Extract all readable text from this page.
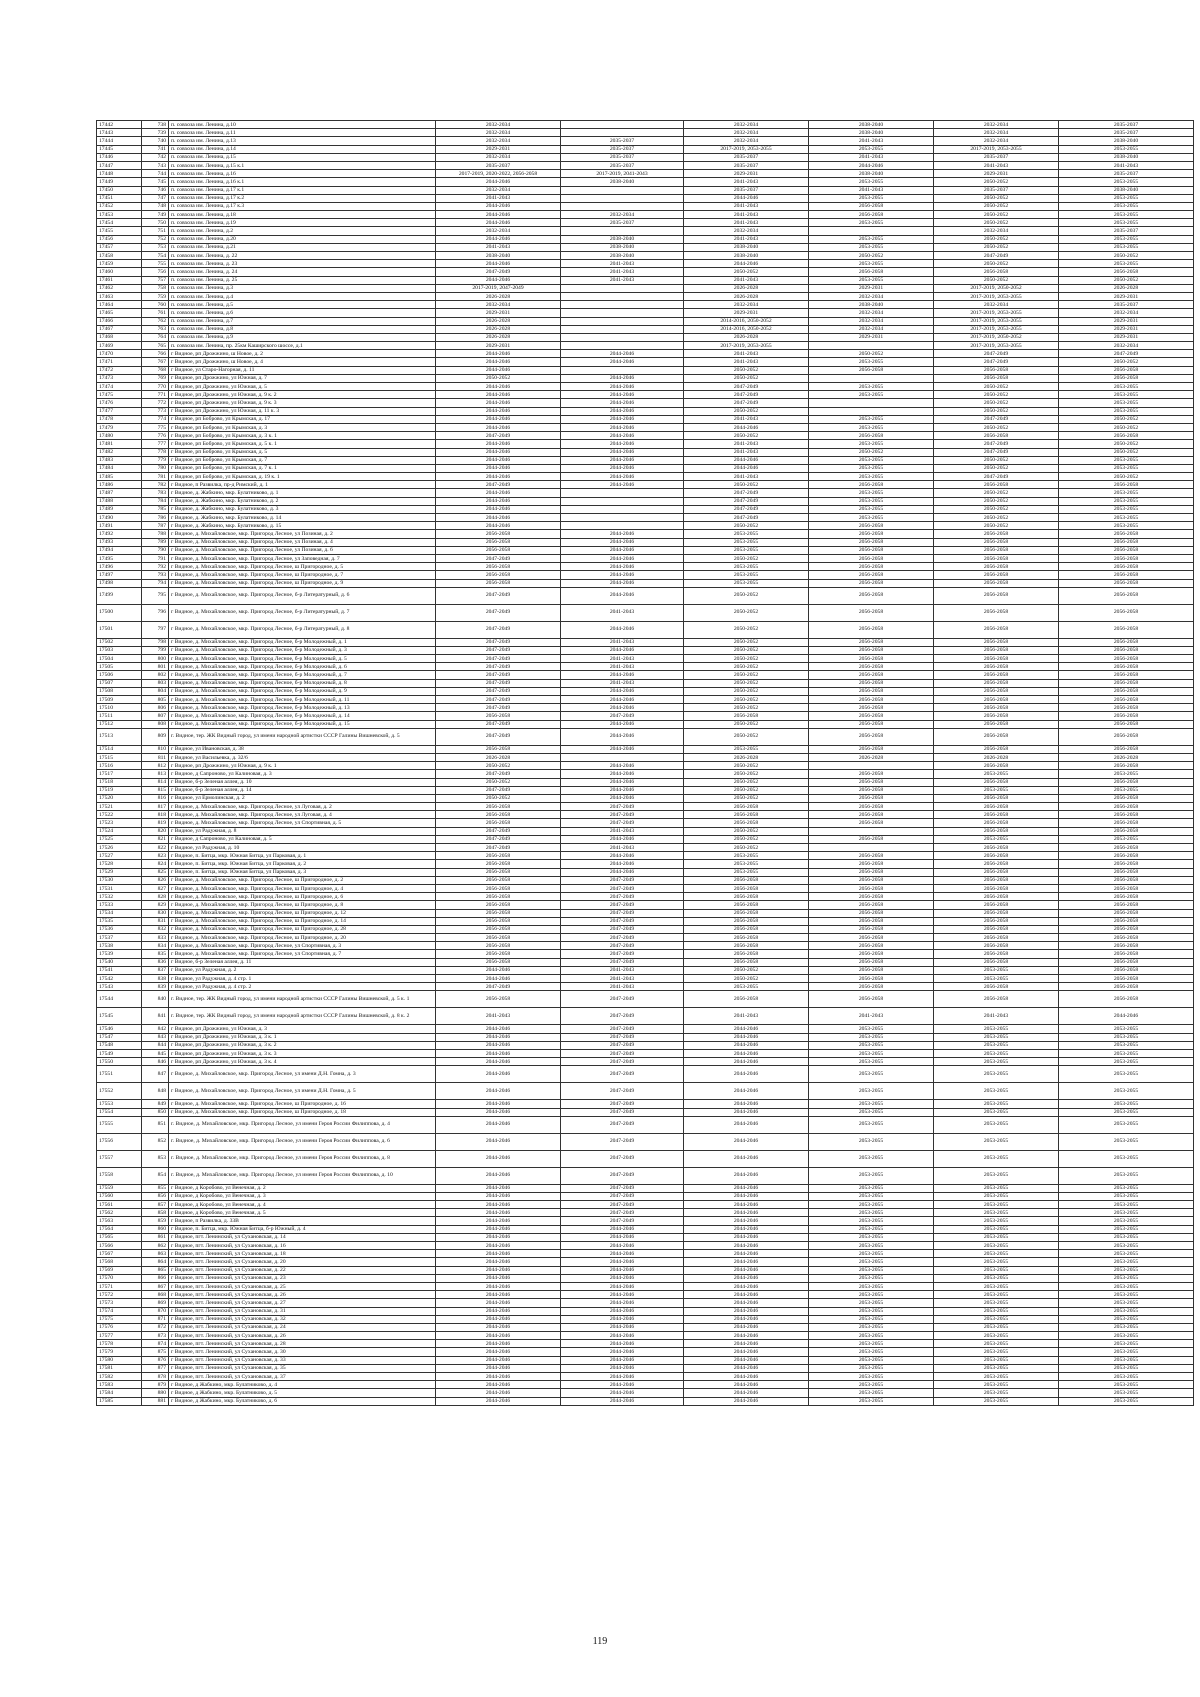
17442	738	п. совхоза им. Ленина, д.10	2032-2034		2032-2034	2038-2040	2032-2034	2035-2037
17443	739	п. совхоза им. Ленина, д.11	2032-2034		2032-2034	2038-2040	2032-2034	2035-2037
17444	740	п. совхоза им. Ленина, д.13	2032-2034	2035-2037	2032-2034	2041-2043	2032-2034	2038-2040
17445	741	п. совхоза им. Ленина, д.14	2029-2031	2035-2037	2017-2019, 2053-2055	2053-2055	2017-2019, 2053-2055	2053-2055
17446	742	п. совхоза им. Ленина, д.15	2032-2034	2035-2037	2035-2037	2041-2043	2035-2037	2038-2040
17447	743	п. совхоза им. Ленина, д.15 к.1	2035-2037	2035-2037	2035-2037	2044-2046	2041-2043	2041-2043
17448	744	п. совхоза им. Ленина, д.16	2017-2019, 2020-2022, 2056-2058	2017-2019, 2041-2043	2029-2031	2038-2040	2029-2031	2035-2037
17449	745	п. совхоза им. Ленина, д.16 к.1	2044-2046	2038-2040	2041-2043	2053-2055	2050-2052	2053-2055
17450	746	п. совхоза им. Ленина, д.17 к.1	2032-2034		2035-2037	2041-2043	2035-2037	2038-2040
17451	747	п. совхоза им. Ленина, д.17 к.2	2041-2043		2044-2046	2053-2055	2050-2052	2053-2055
17452	748	п. совхоза им. Ленина, д.17 к.3	2044-2046		2041-2043	2056-2058	2050-2052	2053-2055
17453	749	п. совхоза им. Ленина, д.18	2044-2046	2032-2034	2041-2043	2056-2058	2050-2052	2053-2055
17454	750	п. совхоза им. Ленина, д.19	2044-2046	2035-2037	2041-2043	2053-2055	2050-2052	2053-2055
17455	751	п. совхоза им. Ленина, д.2	2032-2034		2032-2034		2032-2034	2035-2037
17456	752	п. совхоза им. Ленина, д.20	2044-2046	2038-2040	2041-2043	2053-2055	2050-2052	2053-2055
17457	753	п. совхоза им. Ленина, д.21	2041-2043	2038-2040	2038-2040	2053-2055	2050-2052	2053-2055
17458	754	п. совхоза им. Ленина, д. 22	2038-2040	2038-2040	2038-2040	2050-2052	2047-2049	2050-2052
17459	755	п. совхоза им. Ленина, д. 23	2044-2046	2041-2043	2044-2046	2053-2055	2050-2052	2053-2055
17460	756	п. совхоза им. Ленина, д. 24	2047-2049	2041-2043	2050-2052	2056-2058	2056-2058	2056-2058
17461	757	п. совхоза им. Ленина, д. 25	2044-2046	2041-2043	2041-2043	2053-2055	2050-2052	2050-2052
17462	758	п. совхоза им. Ленина, д.3	2017-2019, 2047-2049		2026-2028	2029-2031	2017-2019, 2050-2052	2026-2028
17463	759	п. совхоза им. Ленина, д.4	2026-2028		2026-2028	2032-2034	2017-2019, 2053-2055	2029-2031
17464	760	п. совхоза им. Ленина, д.5	2032-2034		2032-2034	2038-2040	2032-2034	2035-2037
17465	761	п. совхоза им. Ленина, д.6	2029-2031		2029-2031	2032-2034	2017-2019, 2053-2055	2032-2034
17466	762	п. совхоза им. Ленина, д.7	2026-2028		2014-2016, 2050-2052	2032-2034	2017-2019, 2053-2055	2029-2031
17467	763	п. совхоза им. Ленина, д.8	2026-2028		2014-2016, 2050-2052	2032-2034	2017-2019, 2053-2055	2029-2031
17468	764	п. совхоза им. Ленина, д.9	2026-2028		2026-2028	2029-2031	2017-2019, 2050-2052	2029-2031
17469	765	п. совхоза им. Ленина, пр. 25км Каширского шоссе, д.1	2029-2031		2017-2019, 2053-2055		2017-2019, 2053-2055	2032-2034
17470	766	г Видное, рп Дрожжино, ш Новое, д. 2	2044-2046	2044-2046	2041-2043	2050-2052	2047-2049	2047-2049
17471	767	г Видное, рп Дрожжино, ш Новое, д. 4	2044-2046	2044-2046	2041-2043	2053-2055	2047-2049	2050-2052
17472	768	г Видное, ул Старо-Нагорная, д. 11	2044-2046		2050-2052	2056-2058	2056-2058	2056-2058
17473	769	г Видное, рп Дрожжино, ул Южная, д. 7	2050-2052	2044-2046	2050-2052		2056-2058	2056-2058
17474	770	г Видное, рп Дрожжино, ул Южная, д. 5	2044-2046	2044-2046	2047-2049	2053-2055	2050-2052	2053-2055
17475	771	г Видное, рп Дрожжино, ул Южная, д. 9 к. 2	2044-2046	2044-2046	2047-2049	2053-2055	2050-2052	2053-2055
17476	772	г Видное, рп Дрожжино, ул Южная, д. 9 к. 3	2044-2046	2044-2046	2047-2049		2050-2052	2053-2055
17477	773	г Видное, рп Дрожжино, ул Южная, д. 11 к. 3	2044-2046	2044-2046	2050-2052		2050-2052	2053-2055
17478	774	г Видное, рп Боброво, ул Крымская, д. 17	2044-2046	2044-2046	2041-2043	2053-2055	2047-2049	2050-2052
17479	775	г Видное, рп Боброво, ул Крымская, д. 3	2044-2046	2044-2046	2044-2046	2053-2055	2050-2052	2050-2052
17480	776	г Видное, рп Боброво, ул Крымская, д. 3 к. 1	2047-2049	2044-2046	2050-2052	2056-2058	2056-2058	2056-2058
17481	777	г Видное, рп Боброво, ул Крымская, д. 5 к. 1	2044-2046	2044-2046	2041-2043	2053-2055	2047-2049	2050-2052
17482	778	г Видное, рп Боброво, ул Крымская, д. 5	2044-2046	2044-2046	2041-2043	2050-2052	2047-2049	2050-2052
17483	779	г Видное, рп Боброво, ул Крымская, д. 7	2044-2046	2044-2046	2044-2046	2053-2055	2050-2052	2053-2055
17484	780	г Видное, рп Боброво, ул Крымская, д. 7 к. 1	2044-2046	2044-2046	2044-2046	2053-2055	2050-2052	2053-2055
17485	781	г Видное, рп Боброво, ул Крымская, д. 19 к. 1	2044-2046	2044-2046	2041-2043	2053-2055	2047-2049	2050-2052
17486	782	г Видное, п Развилка, пр-д Римский, д. 1	2047-2049	2044-2046	2050-2052	2056-2058	2056-2058	2056-2058
17487	783	г Видное, д. Жабкино, мкр. Булатниково, д. 1	2044-2046		2047-2049	2053-2055	2050-2052	2053-2055
17488	784	г Видное, д. Жабкино, мкр. Булатниково, д. 2	2044-2046		2047-2049	2053-2055	2050-2052	2053-2055
17489	785	г Видное, д. Жабкино, мкр. Булатниково, д. 3	2044-2046		2047-2049	2053-2055	2050-2052	2053-2055
17490	786	г Видное, д. Жабкино, мкр. Булатниково, д. 14	2044-2046		2047-2049	2053-2055	2050-2052	2053-2055
17491	787	г Видное, д. Жабкино, мкр. Булатниково, д. 15	2044-2046		2050-2052	2056-2058	2050-2052	2053-2055
17492	788	г Видное, д. Михайловское, мкр. Пригород Лесное, ул Позиная, д. 2	2056-2058	2044-2046	2053-2055	2056-2058	2056-2058	2056-2058
17493	789	г Видное, д. Михайловское, мкр. Пригород Лесное, ул Позиная, д. 4	2056-2058	2044-2046	2053-2055	2056-2058	2056-2058	2056-2058
17494	790	г Видное, д. Михайловское, мкр. Пригород Лесное, ул Позиная, д. 6	2056-2058	2044-2046	2053-2055	2056-2058	2056-2058	2056-2058
17495	791	г Видное, д. Михайловское, мкр. Пригород Лесное, ул Заповедная, д. 7	2047-2049	2044-2046	2050-2052	2056-2058	2056-2058	2056-2058
17496	792	г Видное, д. Михайловское, мкр. Пригород Лесное, ш Пригородное, д. 5	2056-2058	2044-2046	2053-2055	2056-2058	2056-2058	2056-2058
17497	793	г Видное, д. Михайловское, мкр. Пригород Лесное, ш Пригородное, д. 7	2056-2058	2044-2046	2053-2055	2056-2058	2056-2058	2056-2058
17498	794	г Видное, д. Михайловское, мкр. Пригород Лесное, ш Пригородное, д. 9	2056-2058	2044-2046	2053-2055	2056-2058	2056-2058	2056-2058
17499	795	г Видное, д. Михайловское, мкр. Пригород Лесное, б-р Литературный, д. 6	2047-2049	2044-2046	2050-2052	2056-2058	2056-2058	2056-2058
17500	796	г Видное, д. Михайловское, мкр. Пригород Лесное, б-р Литературный, д. 7	2047-2049	2041-2043	2050-2052	2056-2058	2056-2058	2056-2058
17501	797	г Видное, д. Михайловское, мкр. Пригород Лесное, б-р Литературный, д. 8	2047-2049	2044-2046	2050-2052	2056-2058	2056-2058	2056-2058
17502	798	г Видное, д. Михайловское, мкр. Пригород Лесное, б-р Молодежный, д. 1	2047-2049	2041-2043	2050-2052	2056-2058	2056-2058	2056-2058
17503	799	г Видное, д. Михайловское, мкр. Пригород Лесное, б-р Молодежный, д. 3	2047-2049	2044-2046	2050-2052	2056-2058	2056-2058	2056-2058
17504	800	г Видное, д. Михайловское, мкр. Пригород Лесное, б-р Молодежный, д. 5	2047-2049	2041-2043	2050-2052	2056-2058	2056-2058	2056-2058
17505	801	г Видное, д. Михайловское, мкр. Пригород Лесное, б-р Молодежный, д. 6	2047-2049	2041-2043	2050-2052	2056-2058	2056-2058	2056-2058
17506	802	г Видное, д. Михайловское, мкр. Пригород Лесное, б-р Молодежный, д. 7	2047-2049	2044-2046	2050-2052	2056-2058	2056-2058	2056-2058
17507	803	г Видное, д. Михайловское, мкр. Пригород Лесное, б-р Молодежный, д. 8	2047-2049	2041-2043	2050-2052	2056-2058	2056-2058	2056-2058
17508	804	г Видное, д. Михайловское, мкр. Пригород Лесное, б-р Молодежный, д. 9	2047-2049	2044-2046	2050-2052	2056-2058	2056-2058	2056-2058
17509	805	г Видное, д. Михайловское, мкр. Пригород Лесное, б-р Молодежный, д. 11	2047-2049	2044-2046	2050-2052	2056-2058	2056-2058	2056-2058
17510	806	г Видное, д. Михайловское, мкр. Пригород Лесное, б-р Молодежный, д. 13	2047-2049	2044-2046	2050-2052	2056-2058	2056-2058	2056-2058
17511	807	г Видное, д. Михайловское, мкр. Пригород Лесное, б-р Молодежный, д. 14	2056-2058	2047-2049	2056-2058	2056-2058	2056-2058	2056-2058
17512	808	г Видное, д. Михайловское, мкр. Пригород Лесное, б-р Молодежный, д. 15	2047-2049	2044-2046	2050-2052	2056-2058	2056-2058	2056-2058
17513	809	г. Видное, тер. ЖК Видный город, ул имени народной артистки СССР Галины Вишневской, д. 5	2047-2049	2044-2046	2050-2052	2056-2058	2056-2058	2056-2058
17514	810	г Видное, ул Ивановская, д. 38	2056-2058	2044-2046	2053-2055	2056-2058	2056-2058	2056-2058
17515	811	г Видное, ул Васильевка, д. 32/6	2026-2028		2026-2028	2026-2028	2026-2028	2026-2028
17516	812	г Видное, рп Дрожжино, ул Южная, д. 9 к. 1	2050-2052	2044-2046	2050-2052		2056-2058	2056-2058
17517	813	г Видное, д Сапроново, ул Калиновая, д. 3	2047-2049	2044-2046	2050-2052	2056-2058	2053-2055	2053-2055
17518	814	г Видное, б-р Зеленая аллея, д. 10	2050-2052	2044-2046	2050-2052	2056-2058	2056-2058	2056-2058
17519	815	г Видное, б-р Зеленая аллея, д. 14	2047-2049	2044-2046	2050-2052	2056-2058	2053-2055	2053-2055
17520	816	г Видное, ул Ермолинская, д. 2	2050-2052	2044-2046	2050-2052	2056-2058	2056-2058	2056-2058
17521	817	г Видное, д. Михайловское, мкр. Пригород Лесное, ул Луговая, д. 2	2056-2058	2047-2049	2056-2058	2056-2058	2056-2058	2056-2058
17522	818	г Видное, д. Михайловское, мкр. Пригород Лесное, ул Луговая, д. 4	2056-2058	2047-2049	2056-2058	2056-2058	2056-2058	2056-2058
17523	819	г Видное, д. Михайловское, мкр. Пригород Лесное, ул Спортивная, д. 5	2056-2058	2047-2049	2056-2058	2056-2058	2056-2058	2056-2058
17524	820	г Видное, ул Радужная, д. 8	2047-2049	2041-2043	2050-2052		2056-2058	2056-2058
17525	821	г Видное, д Сапроново, ул Калиновая, д. 5	2047-2049	2044-2046	2050-2052	2056-2058	2053-2055	2053-2055
17526	822	г Видное, ул Радужная, д. 10	2047-2049	2041-2043	2050-2052		2056-2058	2056-2058
17527	823	г Видное, п. Битца, мкр. Южная Битца, ул Парковая, д. 1	2056-2058	2044-2046	2053-2055	2056-2058	2056-2058	2056-2058
17528	824	г Видное, п. Битца, мкр. Южная Битца, ул Парковая, д. 2	2056-2058	2044-2046	2053-2055	2056-2058	2056-2058	2056-2058
17529	825	г Видное, п. Битца, мкр. Южная Битца, ул Парковая, д. 3	2056-2058	2044-2046	2053-2055	2056-2058	2056-2058	2056-2058
17530	826	г Видное, д. Михайловское, мкр. Пригород Лесное, ш Пригородное, д. 2	2056-2058	2047-2049	2056-2058	2056-2058	2056-2058	2056-2058
17531	827	г Видное, д. Михайловское, мкр. Пригород Лесное, ш Пригородное, д. 4	2056-2058	2047-2049	2056-2058	2056-2058	2056-2058	2056-2058
17532	828	г Видное, д. Михайловское, мкр. Пригород Лесное, ш Пригородное, д. 6	2056-2058	2047-2049	2056-2058	2056-2058	2056-2058	2056-2058
17533	829	г Видное, д. Михайловское, мкр. Пригород Лесное, ш Пригородное, д. 8	2056-2058	2047-2049	2056-2058	2056-2058	2056-2058	2056-2058
17534	830	г Видное, д. Михайловское, мкр. Пригород Лесное, ш Пригородное, д. 12	2056-2058	2047-2049	2056-2058	2056-2058	2056-2058	2056-2058
17535	831	г Видное, д. Михайловское, мкр. Пригород Лесное, ш Пригородное, д. 14	2056-2058	2047-2049	2056-2058	2056-2058	2056-2058	2056-2058
17536	832	г Видное, д. Михайловское, мкр. Пригород Лесное, ш Пригородное, д. 28	2056-2058	2047-2049	2056-2058	2056-2058	2056-2058	2056-2058
17537	833	г Видное, д. Михайловское, мкр. Пригород Лесное, ш Пригородное, д. 20	2056-2058	2047-2049	2056-2058	2056-2058	2056-2058	2056-2058
17538	834	г Видное, д. Михайловское, мкр. Пригород Лесное, ул Спортивная, д. 3	2056-2058	2047-2049	2056-2058	2056-2058	2056-2058	2056-2058
17539	835	г Видное, д. Михайловское, мкр. Пригород Лесное, ул Спортивная, д. 7	2056-2058	2047-2049	2056-2058	2056-2058	2056-2058	2056-2058
17540	836	г Видное, б-р Зеленая аллея, д. 11	2056-2058	2047-2049	2056-2058	2056-2058	2056-2058	2056-2058
17541	837	г Видное, ул Радужная, д. 2	2044-2046	2041-2043	2050-2052	2056-2058	2053-2055	2056-2058
17542	838	г Видное, ул Радужная, д. 4 стр. 1	2044-2046	2041-2043	2050-2052	2056-2058	2053-2055	2056-2058
17543	839	г Видное, ул Радужная, д. 4 стр. 2	2047-2049	2041-2043	2053-2055	2056-2058	2056-2058	2056-2058
17544	840	г. Видное, тер. ЖК Видный город, ул имени народной артистки СССР Галины Вишневской, д. 5 к. 1	2056-2058	2047-2049	2056-2058	2056-2058	2056-2058	2056-2058
17545	841	г. Видное, тер. ЖК Видный город, ул имени народной артистки СССР Галины Вишневской, д. 8 к. 2	2041-2043	2047-2049	2041-2043	2041-2043	2041-2043	2044-2046
17546	842	г Видное, рп Дрожжино, ул Южная, д. 3	2044-2046	2047-2049	2044-2046	2053-2055	2053-2055	2053-2055
17547	843	г Видное, рп Дрожжино, ул Южная, д. 3 к. 1	2044-2046	2047-2049	2044-2046	2053-2055	2053-2055	2053-2055
17548	844	г Видное, рп Дрожжино, ул Южная, д. 3 к. 2	2044-2046	2047-2049	2044-2046	2053-2055	2053-2055	2053-2055
17549	845	г Видное, рп Дрожжино, ул Южная, д. 3 к. 3	2044-2046	2047-2049	2044-2046	2053-2055	2053-2055	2053-2055
17550	846	г Видное, рп Дрожжино, ул Южная, д. 3 к. 4	2044-2046	2047-2049	2044-2046	2053-2055	2053-2055	2053-2055
17551	847	г Видное, д. Михайловское, мкр. Пригород Лесное, ул имени Д.Н. Гомна, д. 3	2044-2046	2047-2049	2044-2046	2053-2055	2053-2055	2053-2055
17552	848	г Видное, д. Михайловское, мкр. Пригород Лесное, ул имени Д.Н. Гомна, д. 5	2044-2046	2047-2049	2044-2046	2053-2055	2053-2055	2053-2055
17553	849	г Видное, д. Михайловское, мкр. Пригород Лесное, ш Пригородное, д. 16	2044-2046	2047-2049	2044-2046	2053-2055	2053-2055	2053-2055
17554	850	г Видное, д. Михайловское, мкр. Пригород Лесное, ш Пригородное, д. 18	2044-2046	2047-2049	2044-2046	2053-2055	2053-2055	2053-2055
17555	851	г. Видное, д. Михайловское, мкр. Пригород Лесное, ул имени Героя России Филиппова, д. 4	2044-2046	2047-2049	2044-2046	2053-2055	2053-2055	2053-2055
17556	852	г. Видное, д. Михайловское, мкр. Пригород Лесное, ул имени Героя России Филиппова, д. 6	2044-2046	2047-2049	2044-2046	2053-2055	2053-2055	2053-2055
17557	853	г. Видное, д. Михайловское, мкр. Пригород Лесное, ул имени Героя России Филиппова, д. 8	2044-2046	2047-2049	2044-2046	2053-2055	2053-2055	2053-2055
17558	854	г. Видное, д. Михайловское, мкр. Пригород Лесное, ул имени Героя России Филиппова, д. 10	2044-2046	2047-2049	2044-2046	2053-2055	2053-2055	2053-2055
17559	855	г Видное, д Коробово, ул Венечная, д. 2	2044-2046	2047-2049	2044-2046	2053-2055	2053-2055	2053-2055
17560	856	г Видное, д Коробово, ул Венечная, д. 3	2044-2046	2047-2049	2044-2046	2053-2055	2053-2055	2053-2055
17561	857	г Видное, д Коробово, ул Венечная, д. 4	2044-2046	2047-2049	2044-2046	2053-2055	2053-2055	2053-2055
17562	858	г Видное, д Коробово, ул Венечная, д. 5	2044-2046	2047-2049	2044-2046	2053-2055	2053-2055	2053-2055
17563	859	г Видное, п Развилка, д. 33В	2044-2046	2047-2049	2044-2046	2053-2055	2053-2055	2053-2055
17564	860	г Видное, п. Битца, мкр. Южная Битца, б-р Южный, д. 4	2044-2046	2044-2046	2044-2046	2053-2055	2053-2055	2053-2055
17565	861	г Видное, пгт. Ленинский, ул Сухановская, д. 14	2044-2046	2044-2046	2044-2046	2053-2055	2053-2055	2053-2055
17566	862	г Видное, пгт. Ленинский, ул Сухановская, д. 16	2044-2046	2044-2046	2044-2046	2053-2055	2053-2055	2053-2055
17567	863	г Видное, пгт. Ленинский, ул Сухановская, д. 18	2044-2046	2044-2046	2044-2046	2053-2055	2053-2055	2053-2055
17568	864	г Видное, пгт. Ленинский, ул Сухановская, д. 20	2044-2046	2044-2046	2044-2046	2053-2055	2053-2055	2053-2055
17569	865	г Видное, пгт. Ленинский, ул Сухановская, д. 22	2044-2046	2044-2046	2044-2046	2053-2055	2053-2055	2053-2055
17570	866	г Видное, пгт. Ленинский, ул Сухановская, д. 23	2044-2046	2044-2046	2044-2046	2053-2055	2053-2055	2053-2055
17571	867	г Видное, пгт. Ленинский, ул Сухановская, д. 25	2044-2046	2044-2046	2044-2046	2053-2055	2053-2055	2053-2055
17572	868	г Видное, пгт. Ленинский, ул Сухановская, д. 26	2044-2046	2044-2046	2044-2046	2053-2055	2053-2055	2053-2055
17573	869	г Видное, пгт. Ленинский, ул Сухановская, д. 27	2044-2046	2044-2046	2044-2046	2053-2055	2053-2055	2053-2055
17574	870	г Видное, пгт. Ленинский, ул Сухановская, д. 31	2044-2046	2044-2046	2044-2046	2053-2055	2053-2055	2053-2055
17575	871	г Видное, пгт. Ленинский, ул Сухановская, д. 32	2044-2046	2044-2046	2044-2046	2053-2055	2053-2055	2053-2055
17576	872	г Видное, пгт. Ленинский, ул Сухановская, д. 24	2044-2046	2044-2046	2044-2046	2053-2055	2053-2055	2053-2055
17577	873	г Видное, пгт. Ленинский, ул Сухановская, д. 26	2044-2046	2044-2046	2044-2046	2053-2055	2053-2055	2053-2055
17578	874	г Видное, пгт. Ленинский, ул Сухановская, д. 28	2044-2046	2044-2046	2044-2046	2053-2055	2053-2055	2053-2055
17579	875	г Видное, пгт. Ленинский, ул Сухановская, д. 30	2044-2046	2044-2046	2044-2046	2053-2055	2053-2055	2053-2055
17580	876	г Видное, пгт. Ленинский, ул Сухановская, д. 33	2044-2046	2044-2046	2044-2046	2053-2055	2053-2055	2053-2055
17581	877	г Видное, пгт. Ленинский, ул Сухановская, д. 35	2044-2046	2044-2046	2044-2046	2053-2055	2053-2055	2053-2055
17582	878	г Видное, пгт. Ленинский, ул Сухановская, д. 37	2044-2046	2044-2046	2044-2046	2053-2055	2053-2055	2053-2055
17583	879	г Видное, д Жабкино, мкр. Булатниково, д. 4	2044-2046	2044-2046	2044-2046	2053-2055	2053-2055	2053-2055
17584	880	г Видное, д Жабкино, мкр. Булатниково, д. 5	2044-2046	2044-2046	2044-2046	2053-2055	2053-2055	2053-2055
17585	881	г Видное, д Жабкино, мкр. Булатниково, д. 6	2044-2046	2044-2046	2044-2046	2053-2055	2053-2055	2053-2055
119
